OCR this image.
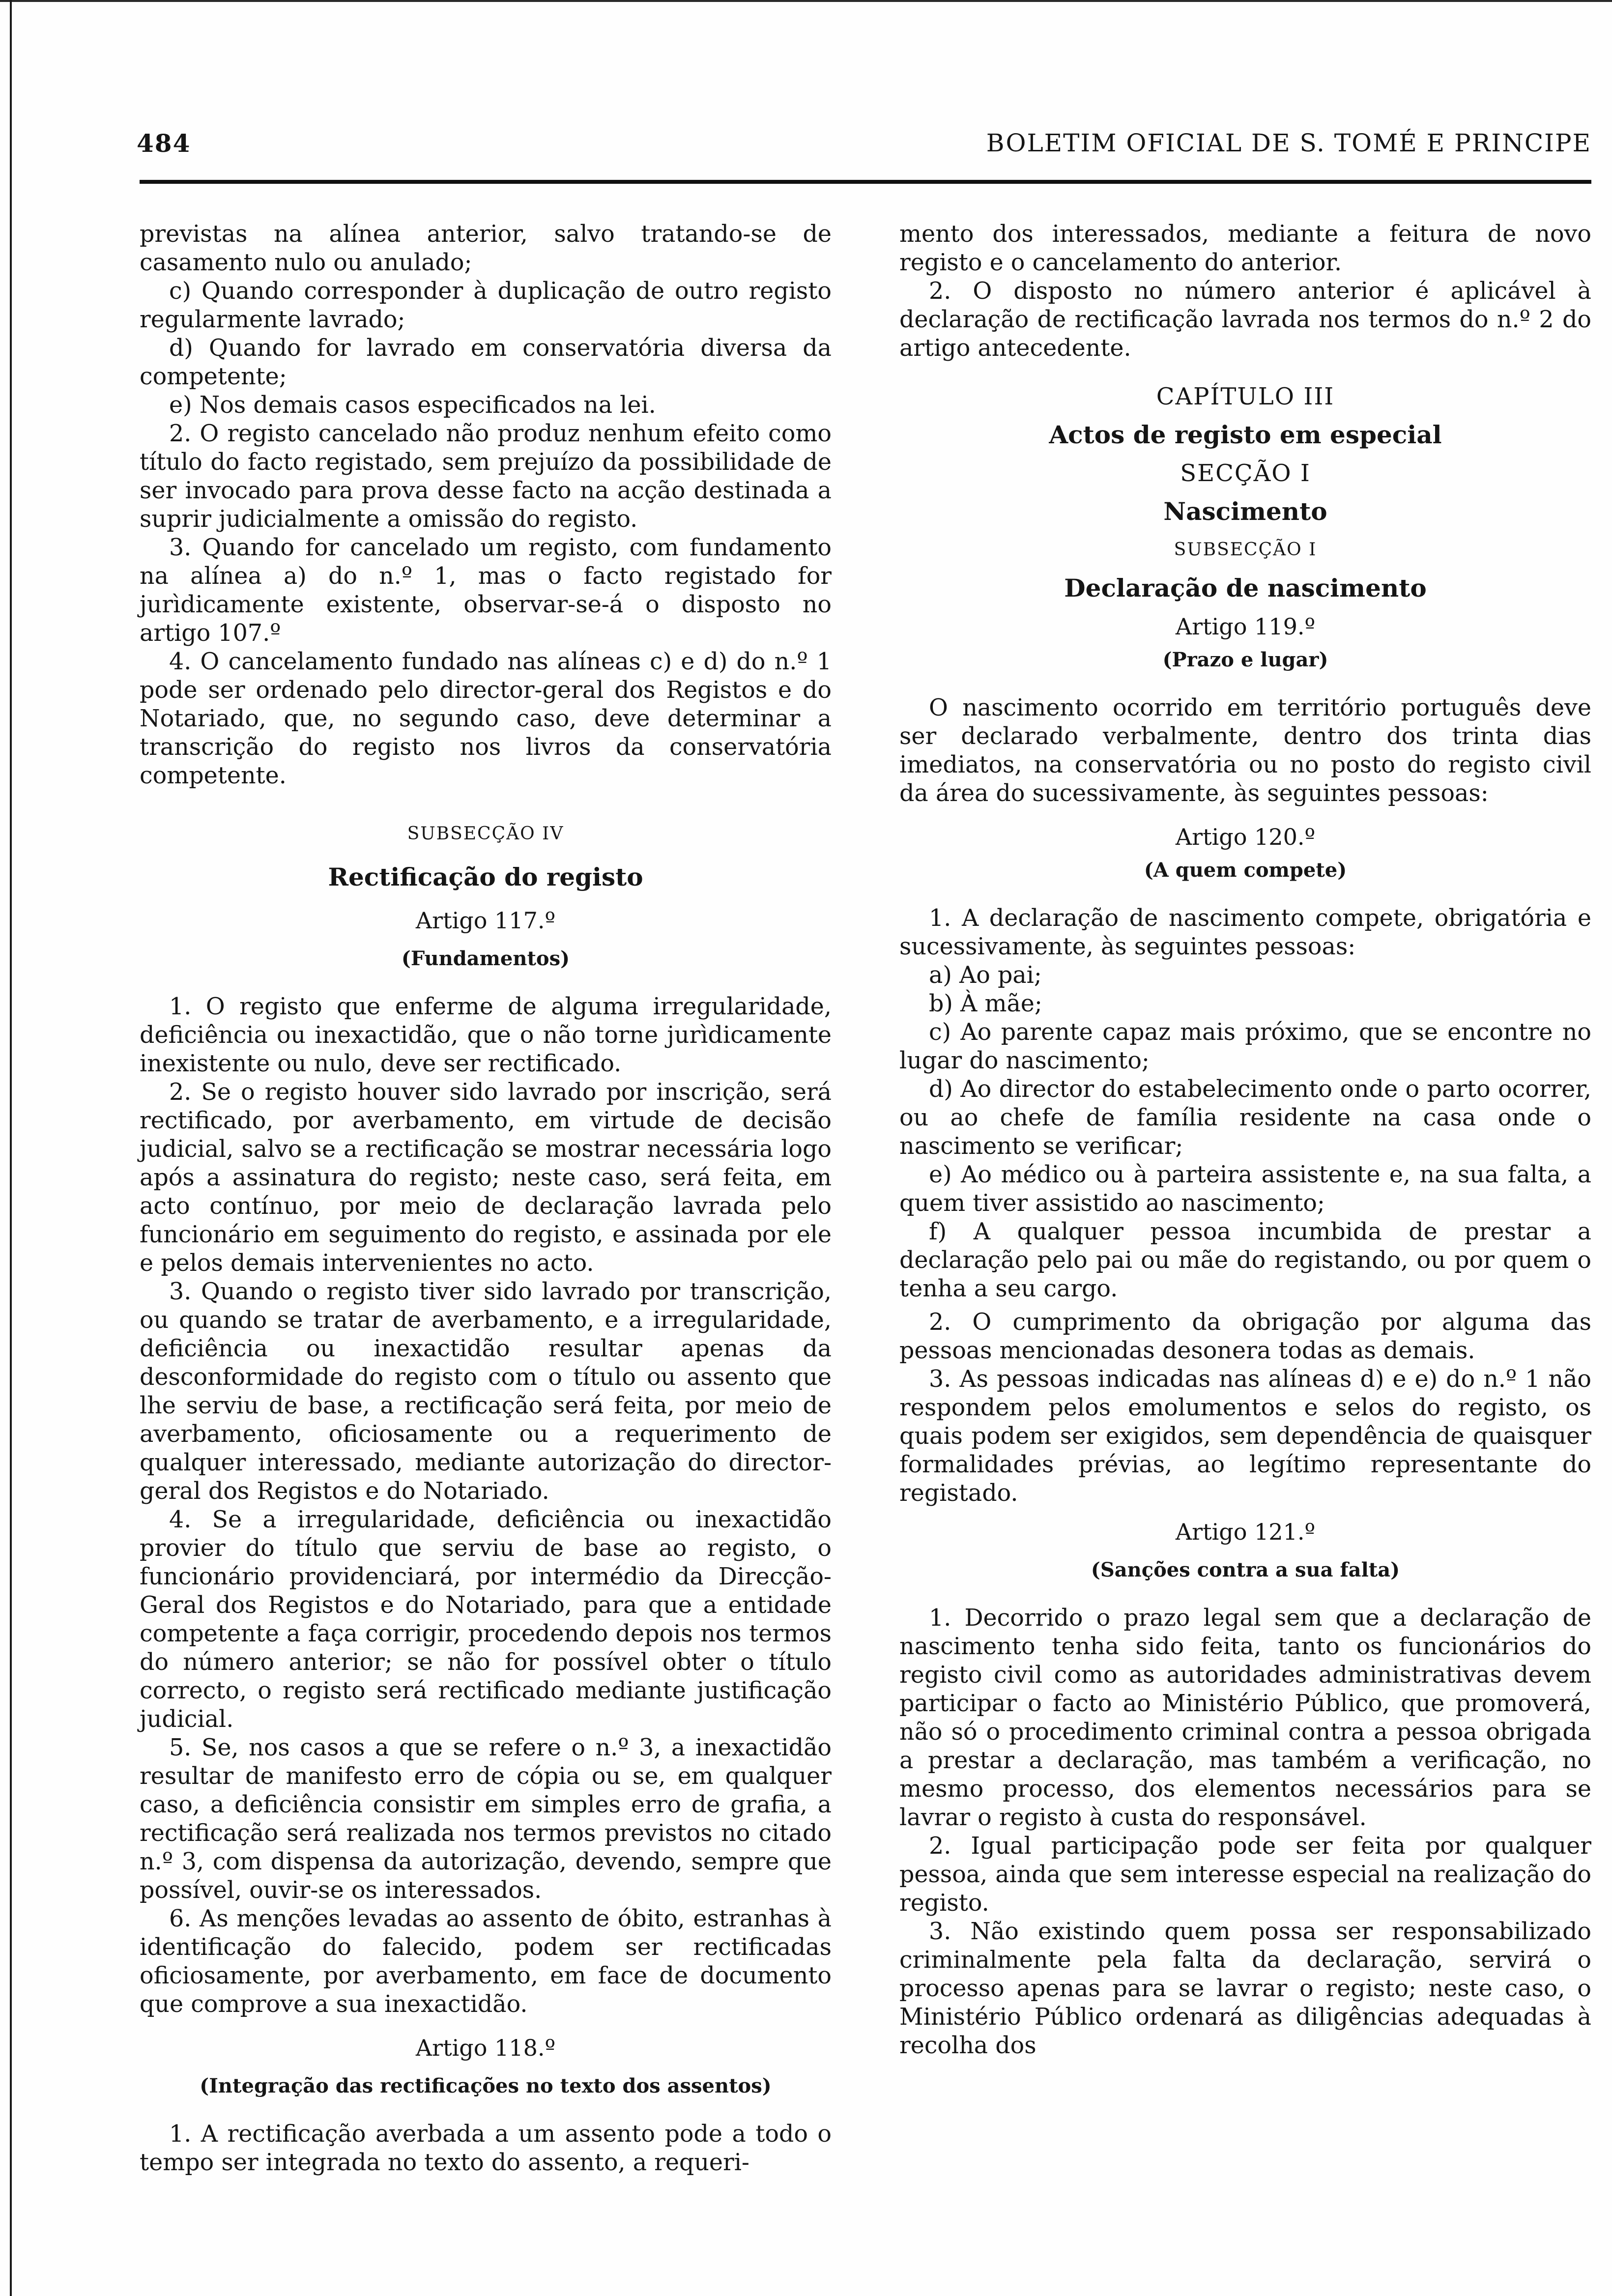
484	BOLETIM OFICIAL DE S. TOMÉ E PRINCIPE

previstas na alínea anterior, salvo tratando-se de casamento nulo ou anulado;

c) Quando corresponder à duplicação de outro registo regularmente lavrado;

d) Quando for lavrado em conservatória diversa da competente;

e) Nos demais casos especificados na lei.

2. O registo cancelado não produz nenhum efeito como título do facto registado, sem prejuízo da possibilidade de ser invocado para prova desse facto na acção destinada a suprir judicialmente a omissão do registo.

3. Quando for cancelado um registo, com fundamento na alínea a) do n.º 1, mas o facto registado for jurìdicamente existente, observar-se-á o disposto no artigo 107.º

4. O cancelamento fundado nas alíneas c) e d) do n.º 1 pode ser ordenado pelo director-geral dos Registos e do Notariado, que, no segundo caso, deve determinar a transcrição do registo nos livros da conservatória competente.

SUBSECÇÃO IV

Rectificação do registo

Artigo 117.º

(Fundamentos)

1. O registo que enferme de alguma irregularidade, deficiência ou inexactidão, que o não torne jurìdicamente inexistente ou nulo, deve ser rectificado.

2. Se o registo houver sido lavrado por inscrição, será rectificado, por averbamento, em virtude de decisão judicial, salvo se a rectificação se mostrar necessária logo após a assinatura do registo; neste caso, será feita, em acto contínuo, por meio de declaração lavrada pelo funcionário em seguimento do registo, e assinada por ele e pelos demais intervenientes no acto.

3. Quando o registo tiver sido lavrado por transcrição, ou quando se tratar de averbamento, e a irregularidade, deficiência ou inexactidão resultar apenas da desconformidade do registo com o título ou assento que lhe serviu de base, a rectificação será feita, por meio de averbamento, oficiosamente ou a requerimento de qualquer interessado, mediante autorização do director-geral dos Registos e do Notariado.

4. Se a irregularidade, deficiência ou inexactidão provier do título que serviu de base ao registo, o funcionário providenciará, por intermédio da Direcção-Geral dos Registos e do Notariado, para que a entidade competente a faça corrigir, procedendo depois nos termos do número anterior; se não for possível obter o título correcto, o registo será rectificado mediante justificação judicial.

5. Se, nos casos a que se refere o n.º 3, a inexactidão resultar de manifesto erro de cópia ou se, em qualquer caso, a deficiência consistir em simples erro de grafia, a rectificação será realizada nos termos previstos no citado n.º 3, com dispensa da autorização, devendo, sempre que possível, ouvir-se os interessados.

6. As menções levadas ao assento de óbito, estranhas à identificação do falecido, podem ser rectificadas oficiosamente, por averbamento, em face de documento que comprove a sua inexactidão.

Artigo 118.º

(Integração das rectificações no texto dos assentos)

1. A rectificação averbada a um assento pode a todo o tempo ser integrada no texto do assento, a requeri-

mento dos interessados, mediante a feitura de novo registo e o cancelamento do anterior.

2. O disposto no número anterior é aplicável à declaração de rectificação lavrada nos termos do n.º 2 do artigo antecedente.

CAPÍTULO III

Actos de registo em especial

SECÇÃO I

Nascimento

SUBSECÇÃO I

Declaração de nascimento

Artigo 119.º

(Prazo e lugar)

O nascimento ocorrido em território português deve ser declarado verbalmente, dentro dos trinta dias imediatos, na conservatória ou no posto do registo civil da área do sucessivamente, às seguintes pessoas:

Artigo 120.º

(A quem compete)

1. A declaração de nascimento compete, obrigatória e sucessivamente, às seguintes pessoas:

a) Ao pai;

b) À mãe;

c) Ao parente capaz mais próximo, que se encontre no lugar do nascimento;

d) Ao director do estabelecimento onde o parto ocorrer, ou ao chefe de família residente na casa onde o nascimento se verificar;

e) Ao médico ou à parteira assistente e, na sua falta, a quem tiver assistido ao nascimento;

f) A qualquer pessoa incumbida de prestar a declaração pelo pai ou mãe do registando, ou por quem o tenha a seu cargo.

2. O cumprimento da obrigação por alguma das pessoas mencionadas desonera todas as demais.

3. As pessoas indicadas nas alíneas d) e e) do n.º 1 não respondem pelos emolumentos e selos do registo, os quais podem ser exigidos, sem dependência de quaisquer formalidades prévias, ao legítimo representante do registado.

Artigo 121.º

(Sanções contra a sua falta)

1. Decorrido o prazo legal sem que a declaração de nascimento tenha sido feita, tanto os funcionários do registo civil como as autoridades administrativas devem participar o facto ao Ministério Público, que promoverá, não só o procedimento criminal contra a pessoa obrigada a prestar a declaração, mas também a verificação, no mesmo processo, dos elementos necessários para se lavrar o registo à custa do responsável.

2. Igual participação pode ser feita por qualquer pessoa, ainda que sem interesse especial na realização do registo.

3. Não existindo quem possa ser responsabilizado criminalmente pela falta da declaração, servirá o processo apenas para se lavrar o registo; neste caso, o Ministério Público ordenará as diligências adequadas à recolha dos
